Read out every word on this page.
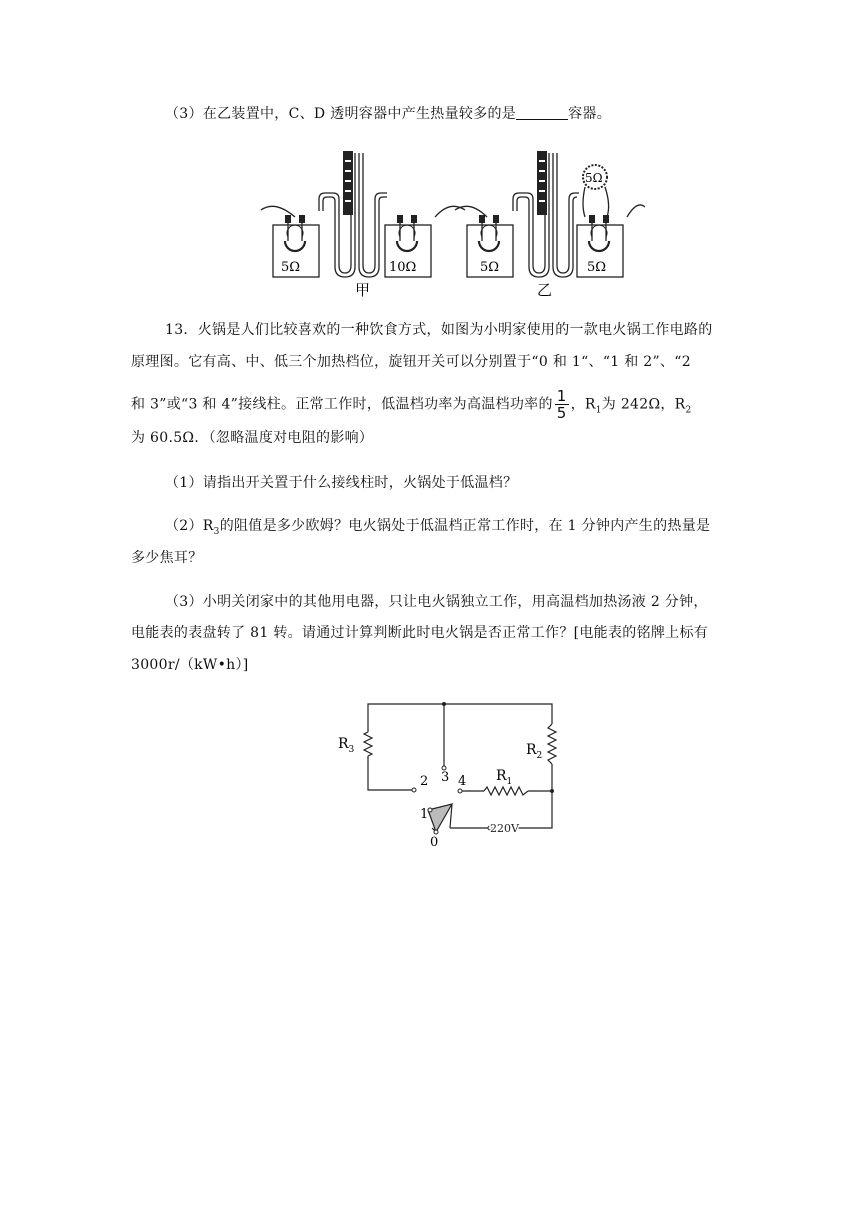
（3）在乙装置中，C、D 透明容器中产生热量较多的是	容器。
5Ω	10Ω
甲
5Ω	5Ω
5Ω
乙
13．火锅是人们比较喜欢的一种饮食方式，如图为小明家使用的一款电火锅工作电路的
原理图。它有高、中、低三个加热档位，旋钮开关可以分别置于“0 和 1“、“1 和 2”、“2
和 3”或“3 和 4”接线柱。正常工作时，低温档功率为高温档功率的 $\frac{1}{5}$ ，$R_1$为 242Ω，$R_2$
为 60.5Ω．（忽略温度对电阻的影响）
（1）请指出开关置于什么接线柱时，火锅处于低温档？
$(2)R_3$的阻值是多少欧姆？电火锅处于低温档正常工作时，在 1 分钟内产生的热量是
多少焦耳？
（3）小明关闭家中的其他用电器，只让电火锅独立工作，用高温档加热汤液 2 分钟，
电能表的表盘转了 81 转。请通过计算判断此时电火锅是否正常工作？[电能表的铭牌上标有
3000r/（kW•h）]
$R_3$	$R_2$
$R_1$
2 3 4
1
0
220V
